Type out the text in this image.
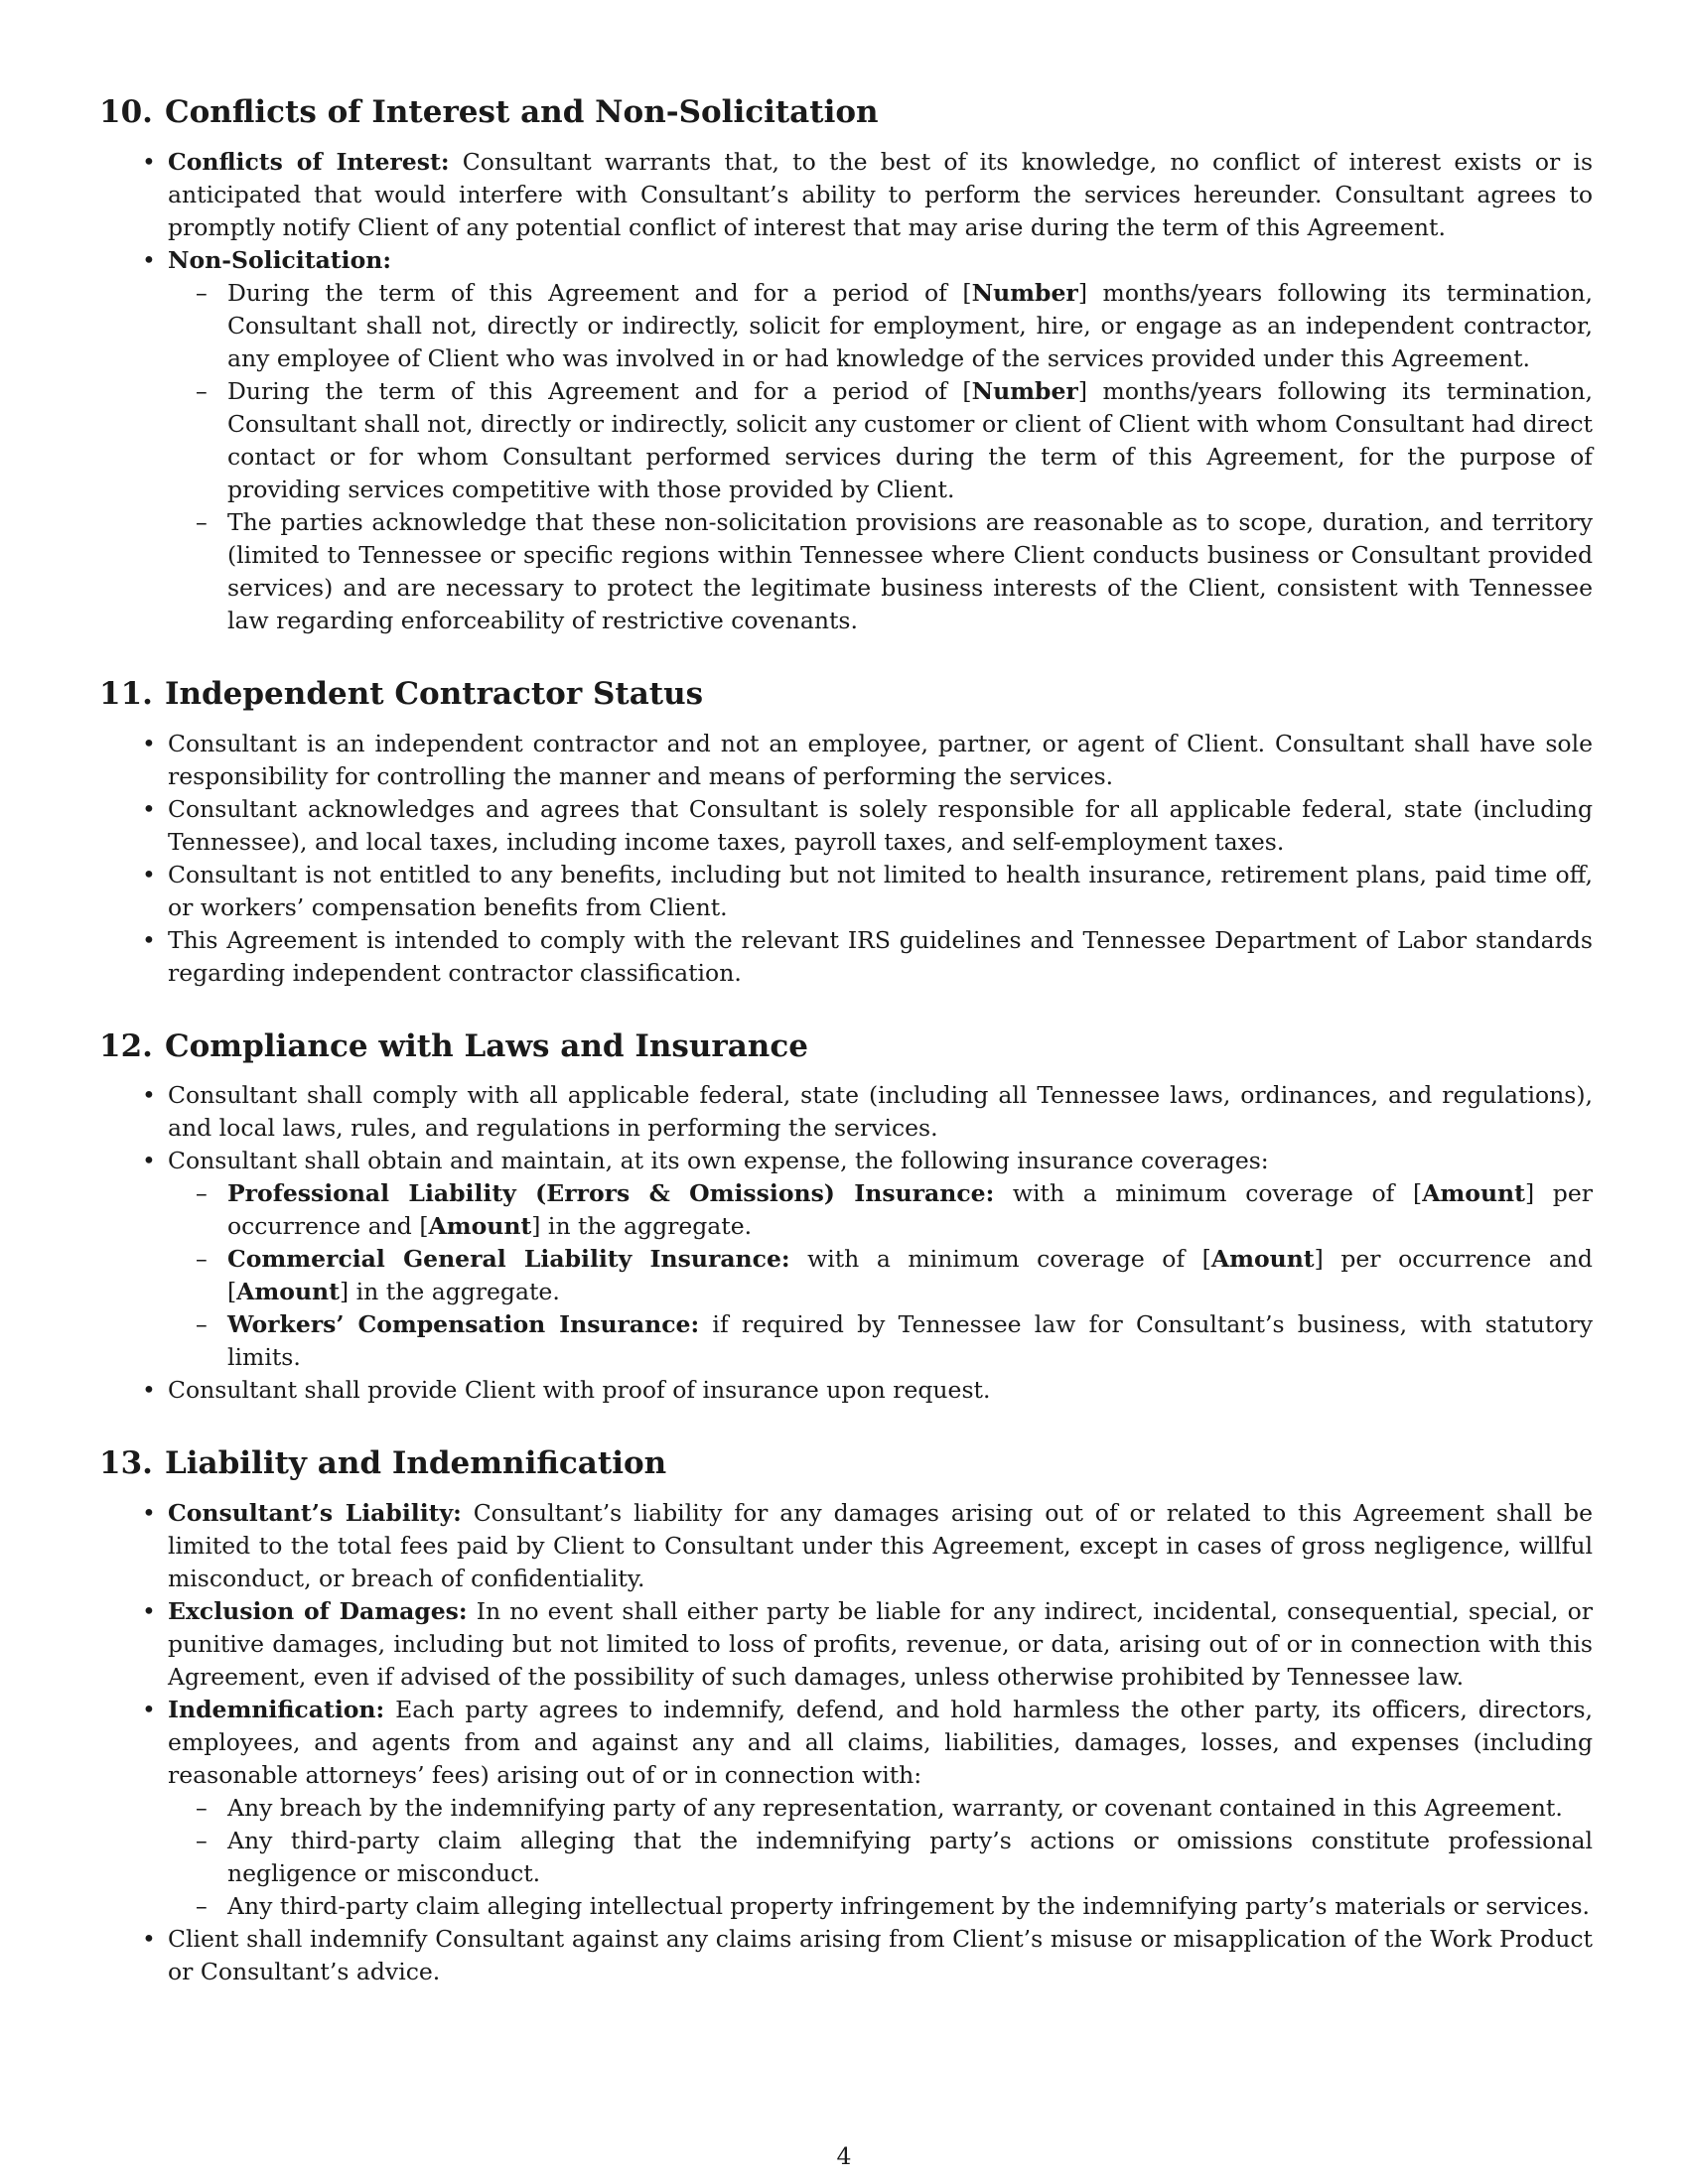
10. Conflicts of Interest and Non-Solicitation
• Conflicts of Interest: Consultant warrants that, to the best of its knowledge, no conflict of interest exists or is anticipated that would interfere with Consultant’s ability to perform the services hereunder. Consultant agrees to promptly notify Client of any potential conflict of interest that may arise during the term of this Agreement.
• Non-Solicitation:
– During the term of this Agreement and for a period of [Number] months/years following its termination, Consultant shall not, directly or indirectly, solicit for employment, hire, or engage as an independent contractor, any employee of Client who was involved in or had knowledge of the services provided under this Agreement.
– During the term of this Agreement and for a period of [Number] months/years following its termination, Consultant shall not, directly or indirectly, solicit any customer or client of Client with whom Consultant had direct contact or for whom Consultant performed services during the term of this Agreement, for the purpose of providing services competitive with those provided by Client.
– The parties acknowledge that these non-solicitation provisions are reasonable as to scope, duration, and territory (limited to Tennessee or specific regions within Tennessee where Client conducts business or Consultant provided services) and are necessary to protect the legitimate business interests of the Client, consistent with Tennessee law regarding enforceability of restrictive covenants.
11. Independent Contractor Status
• Consultant is an independent contractor and not an employee, partner, or agent of Client. Consultant shall have sole responsibility for controlling the manner and means of performing the services.
• Consultant acknowledges and agrees that Consultant is solely responsible for all applicable federal, state (including Tennessee), and local taxes, including income taxes, payroll taxes, and self-employment taxes.
• Consultant is not entitled to any benefits, including but not limited to health insurance, retirement plans, paid time off, or workers’ compensation benefits from Client.
• This Agreement is intended to comply with the relevant IRS guidelines and Tennessee Department of Labor standards regarding independent contractor classification.
12. Compliance with Laws and Insurance
• Consultant shall comply with all applicable federal, state (including all Tennessee laws, ordinances, and regulations), and local laws, rules, and regulations in performing the services.
• Consultant shall obtain and maintain, at its own expense, the following insurance coverages:
– Professional Liability (Errors & Omissions) Insurance: with a minimum coverage of [Amount] per occurrence and [Amount] in the aggregate.
– Commercial General Liability Insurance: with a minimum coverage of [Amount] per occurrence and [Amount] in the aggregate.
– Workers’ Compensation Insurance: if required by Tennessee law for Consultant’s business, with statutory limits.
• Consultant shall provide Client with proof of insurance upon request.
13. Liability and Indemnification
• Consultant’s Liability: Consultant’s liability for any damages arising out of or related to this Agreement shall be limited to the total fees paid by Client to Consultant under this Agreement, except in cases of gross negligence, willful misconduct, or breach of confidentiality.
• Exclusion of Damages: In no event shall either party be liable for any indirect, incidental, consequential, special, or punitive damages, including but not limited to loss of profits, revenue, or data, arising out of or in connection with this Agreement, even if advised of the possibility of such damages, unless otherwise prohibited by Tennessee law.
• Indemnification: Each party agrees to indemnify, defend, and hold harmless the other party, its officers, directors, employees, and agents from and against any and all claims, liabilities, damages, losses, and expenses (including reasonable attorneys’ fees) arising out of or in connection with:
– Any breach by the indemnifying party of any representation, warranty, or covenant contained in this Agreement.
– Any third-party claim alleging that the indemnifying party’s actions or omissions constitute professional negligence or misconduct.
– Any third-party claim alleging intellectual property infringement by the indemnifying party’s materials or services.
• Client shall indemnify Consultant against any claims arising from Client’s misuse or misapplication of the Work Product or Consultant’s advice.
4
